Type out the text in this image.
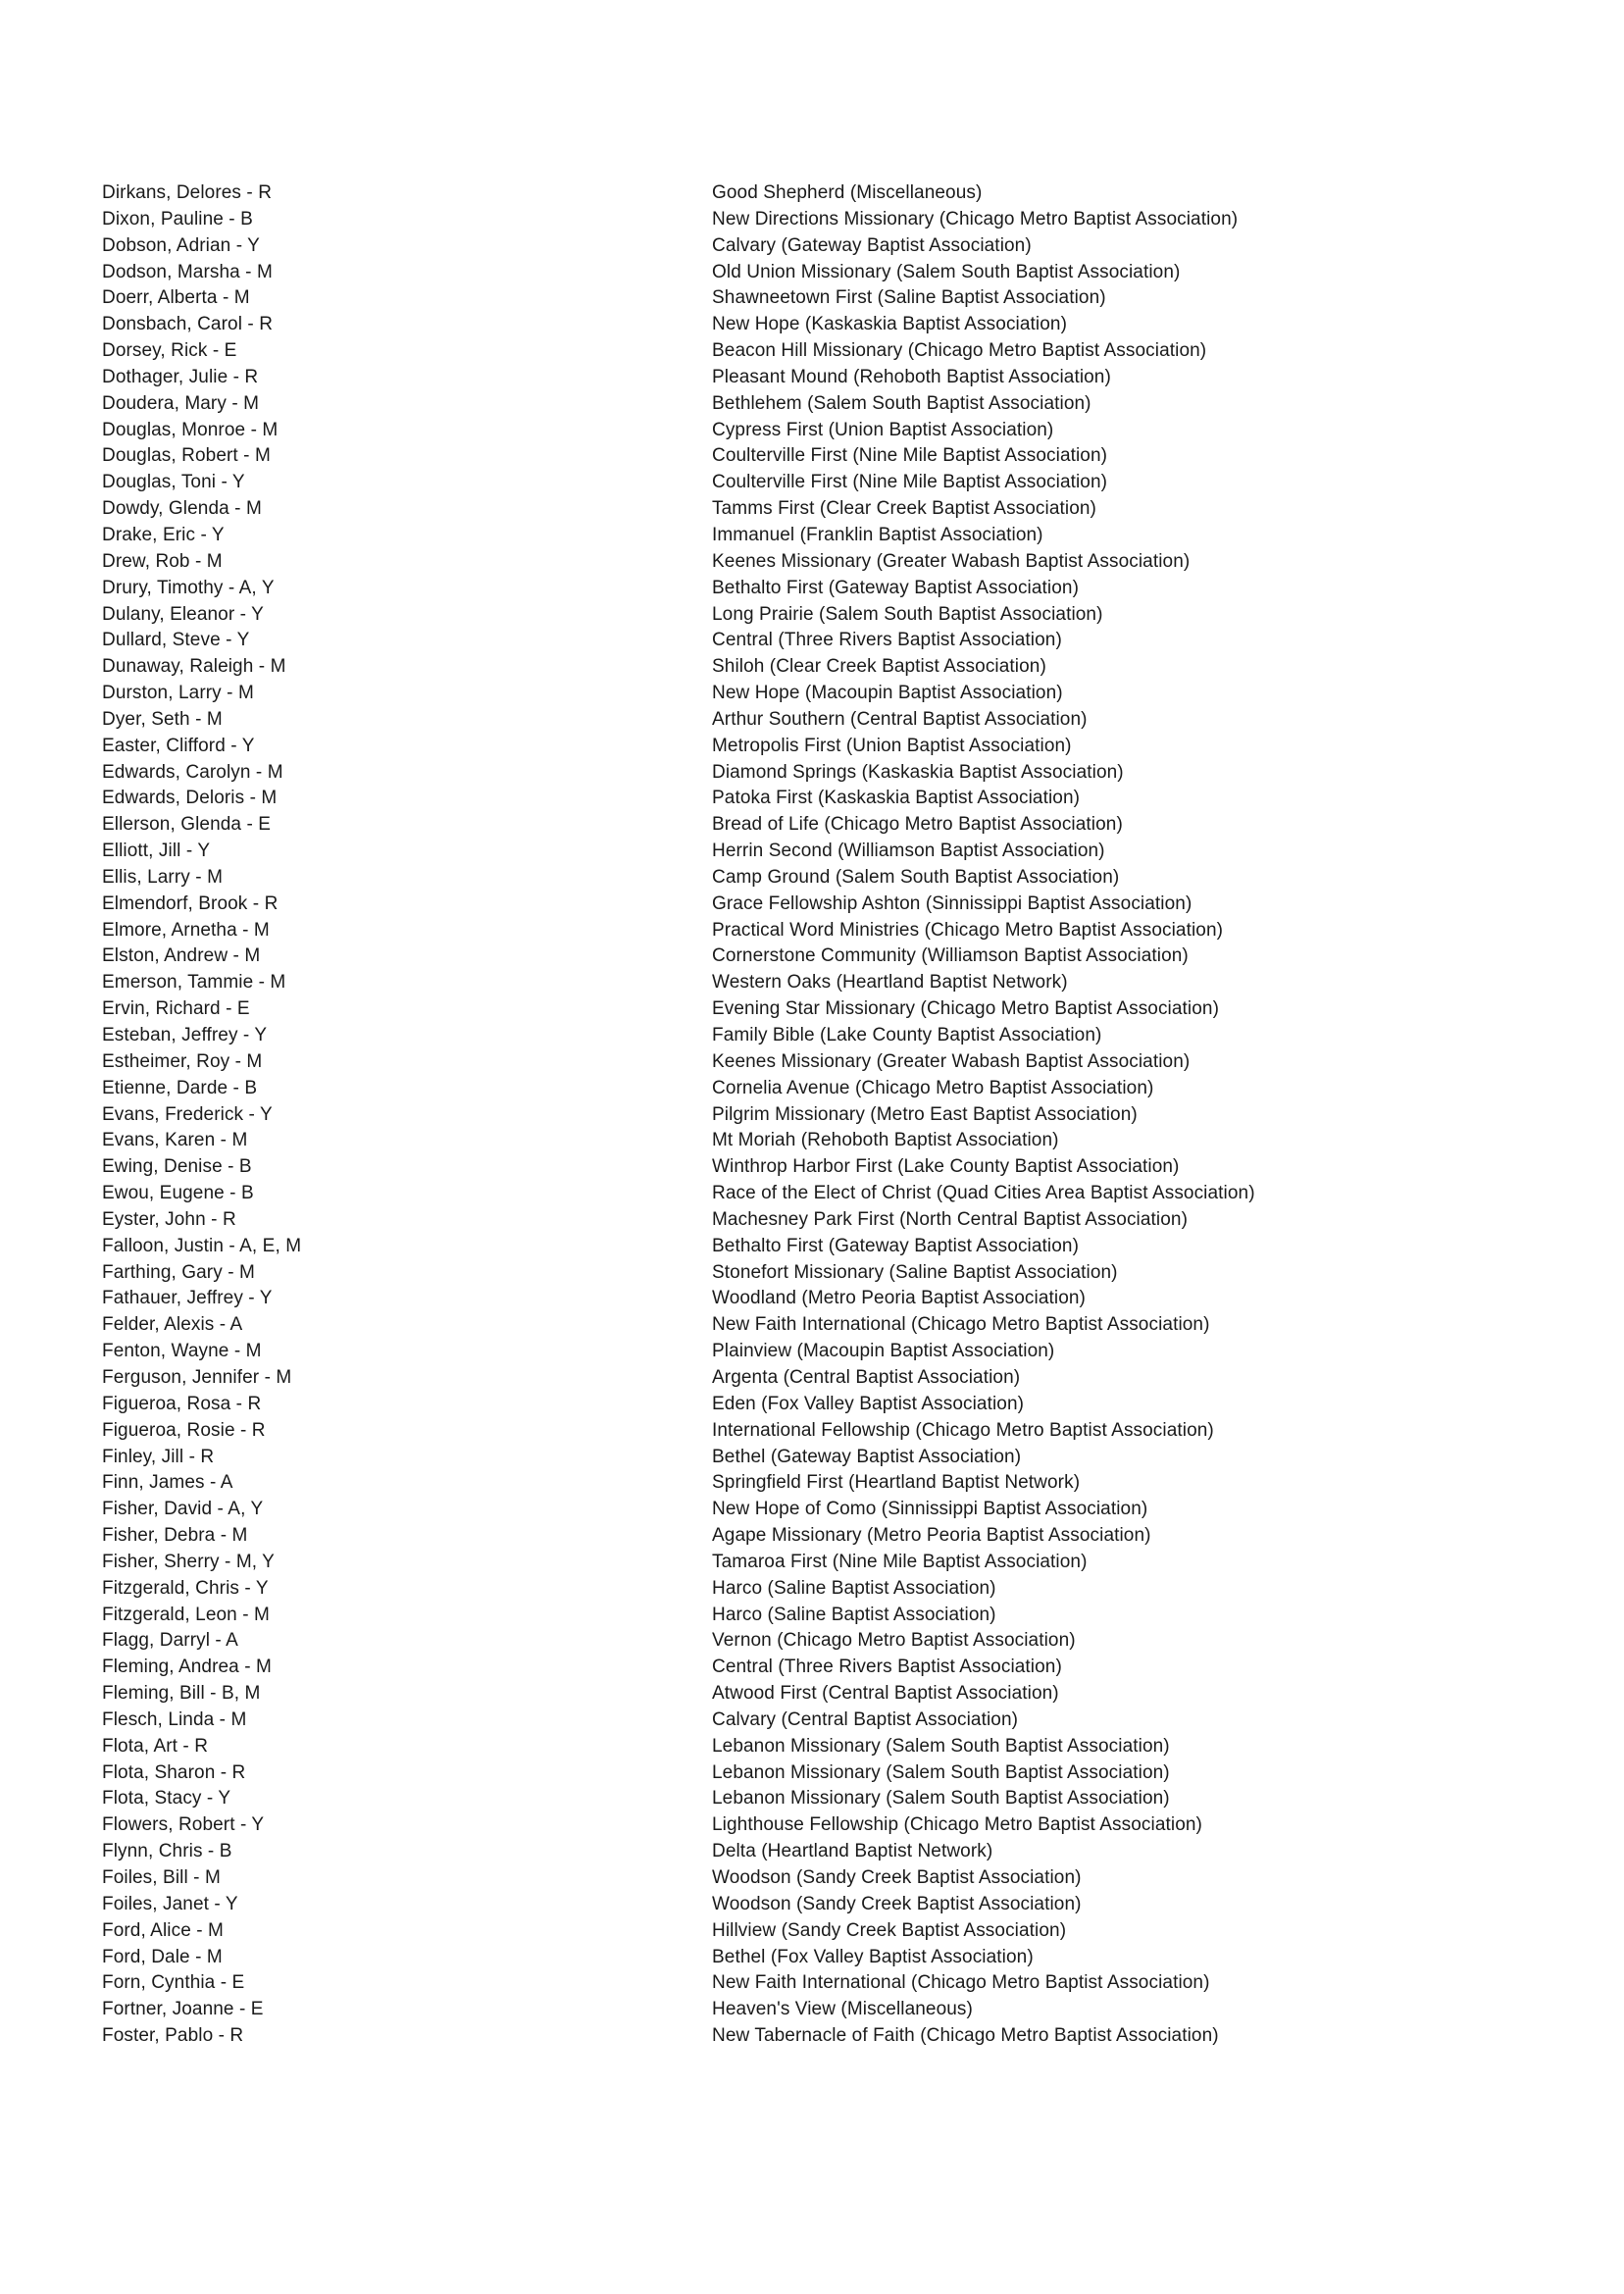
Dirkans, Delores - R
Dixon, Pauline - B
Dobson, Adrian - Y
Dodson, Marsha - M
Doerr, Alberta - M
Donsbach, Carol - R
Dorsey, Rick - E
Dothager, Julie - R
Doudera, Mary - M
Douglas, Monroe - M
Douglas, Robert - M
Douglas, Toni - Y
Dowdy, Glenda - M
Drake, Eric - Y
Drew, Rob - M
Drury, Timothy - A, Y
Dulany, Eleanor - Y
Dullard, Steve - Y
Dunaway, Raleigh - M
Durston, Larry - M
Dyer, Seth - M
Easter, Clifford - Y
Edwards, Carolyn - M
Edwards, Deloris - M
Ellerson, Glenda - E
Elliott, Jill - Y
Ellis, Larry - M
Elmendorf, Brook - R
Elmore, Arnetha - M
Elston, Andrew - M
Emerson, Tammie - M
Ervin, Richard - E
Esteban, Jeffrey - Y
Estheimer, Roy - M
Etienne, Darde - B
Evans, Frederick - Y
Evans, Karen - M
Ewing, Denise - B
Ewou, Eugene - B
Eyster, John - R
Falloon, Justin - A, E, M
Farthing, Gary - M
Fathauer, Jeffrey - Y
Felder, Alexis - A
Fenton, Wayne - M
Ferguson, Jennifer - M
Figueroa, Rosa - R
Figueroa, Rosie - R
Finley, Jill - R
Finn, James - A
Fisher, David - A, Y
Fisher, Debra - M
Fisher, Sherry - M, Y
Fitzgerald, Chris - Y
Fitzgerald, Leon - M
Flagg, Darryl - A
Fleming, Andrea - M
Fleming, Bill - B, M
Flesch, Linda - M
Flota, Art - R
Flota, Sharon - R
Flota, Stacy - Y
Flowers, Robert - Y
Flynn, Chris - B
Foiles, Bill - M
Foiles, Janet - Y
Ford, Alice - M
Ford, Dale - M
Forn, Cynthia - E
Fortner, Joanne - E
Foster, Pablo - R
Good Shepherd (Miscellaneous)
New Directions Missionary (Chicago Metro Baptist Association)
Calvary (Gateway Baptist Association)
Old Union Missionary (Salem South Baptist Association)
Shawneetown First (Saline Baptist Association)
New Hope (Kaskaskia Baptist Association)
Beacon Hill Missionary (Chicago Metro Baptist Association)
Pleasant Mound (Rehoboth Baptist Association)
Bethlehem (Salem South Baptist Association)
Cypress First (Union Baptist Association)
Coulterville First (Nine Mile Baptist Association)
Coulterville First (Nine Mile Baptist Association)
Tamms First (Clear Creek Baptist Association)
Immanuel (Franklin Baptist Association)
Keenes Missionary (Greater Wabash Baptist Association)
Bethalto First (Gateway Baptist Association)
Long Prairie (Salem South Baptist Association)
Central (Three Rivers Baptist Association)
Shiloh (Clear Creek Baptist Association)
New Hope (Macoupin Baptist Association)
Arthur Southern (Central Baptist Association)
Metropolis First (Union Baptist Association)
Diamond Springs (Kaskaskia Baptist Association)
Patoka First (Kaskaskia Baptist Association)
Bread of Life (Chicago Metro Baptist Association)
Herrin Second (Williamson Baptist Association)
Camp Ground (Salem South Baptist Association)
Grace Fellowship Ashton (Sinnissippi Baptist Association)
Practical Word Ministries (Chicago Metro Baptist Association)
Cornerstone Community (Williamson Baptist Association)
Western Oaks (Heartland Baptist Network)
Evening Star Missionary (Chicago Metro Baptist Association)
Family Bible (Lake County Baptist Association)
Keenes Missionary (Greater Wabash Baptist Association)
Cornelia Avenue (Chicago Metro Baptist Association)
Pilgrim Missionary (Metro East Baptist Association)
Mt Moriah (Rehoboth Baptist Association)
Winthrop Harbor First (Lake County Baptist Association)
Race of the Elect of Christ (Quad Cities Area Baptist Association)
Machesney Park First (North Central Baptist Association)
Bethalto First (Gateway Baptist Association)
Stonefort Missionary (Saline Baptist Association)
Woodland (Metro Peoria Baptist Association)
New Faith International (Chicago Metro Baptist Association)
Plainview (Macoupin Baptist Association)
Argenta (Central Baptist Association)
Eden (Fox Valley Baptist Association)
International Fellowship (Chicago Metro Baptist Association)
Bethel (Gateway Baptist Association)
Springfield First (Heartland Baptist Network)
New Hope of Como (Sinnissippi Baptist Association)
Agape Missionary (Metro Peoria Baptist Association)
Tamaroa First (Nine Mile Baptist Association)
Harco (Saline Baptist Association)
Harco (Saline Baptist Association)
Vernon (Chicago Metro Baptist Association)
Central (Three Rivers Baptist Association)
Atwood First (Central Baptist Association)
Calvary (Central Baptist Association)
Lebanon Missionary (Salem South Baptist Association)
Lebanon Missionary (Salem South Baptist Association)
Lebanon Missionary (Salem South Baptist Association)
Lighthouse Fellowship (Chicago Metro Baptist Association)
Delta (Heartland Baptist Network)
Woodson (Sandy Creek Baptist Association)
Woodson (Sandy Creek Baptist Association)
Hillview (Sandy Creek Baptist Association)
Bethel (Fox Valley Baptist Association)
New Faith International (Chicago Metro Baptist Association)
Heaven's View (Miscellaneous)
New Tabernacle of Faith (Chicago Metro Baptist Association)
